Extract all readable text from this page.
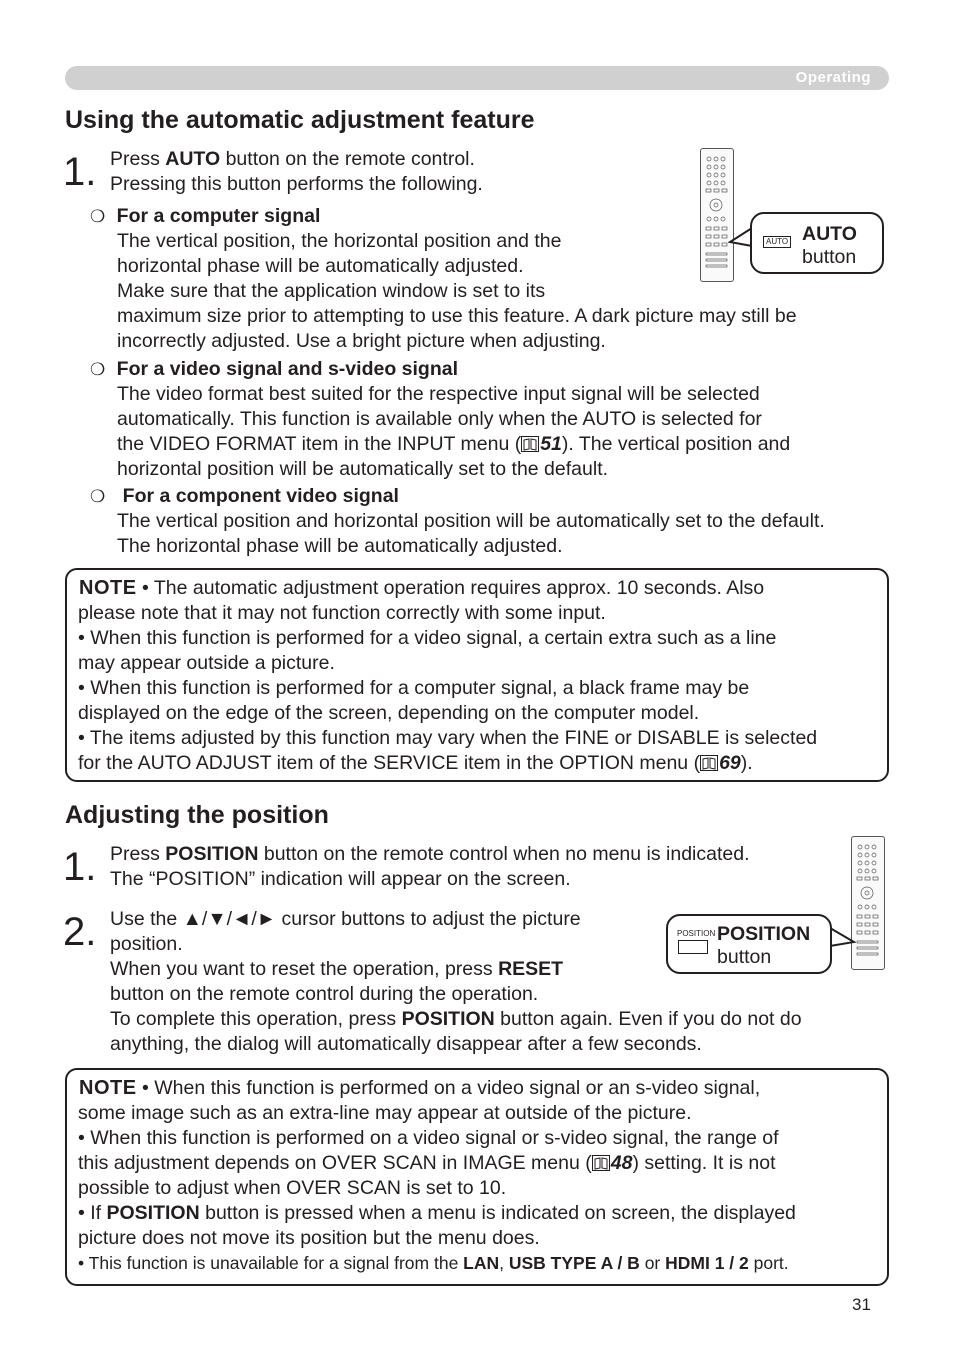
Operating
Using the automatic adjustment feature
1. Press AUTO button on the remote control.
Pressing this button performs the following.
❍ For a computer signal
The vertical position, the horizontal position and the
horizontal phase will be automatically adjusted.
Make sure that the application window is set to its
maximum size prior to attempting to use this feature. A dark picture may still be
incorrectly adjusted. Use a bright picture when adjusting.
❍ For a video signal and s-video signal
The video format best suited for the respective input signal will be selected
automatically. This function is available only when the AUTO is selected for
the VIDEO FORMAT item in the INPUT menu ( 51). The vertical position and
horizontal position will be automatically set to the default.
❍ For a component video signal
The vertical position and horizontal position will be automatically set to the default.
The horizontal phase will be automatically adjusted.
AUTO AUTO
button
NOTE • The automatic adjustment operation requires approx. 10 seconds. Also
please note that it may not function correctly with some input.
• When this function is performed for a video signal, a certain extra such as a line
may appear outside a picture.
• When this function is performed for a computer signal, a black frame may be
displayed on the edge of the screen, depending on the computer model.
• The items adjusted by this function may vary when the FINE or DISABLE is selected
for the AUTO ADJUST item of the SERVICE item in the OPTION menu ( 69).
Adjusting the position
1. Press POSITION button on the remote control when no menu is indicated.
The “POSITION” indication will appear on the screen.
2. Use the ▲/▼/◄/► cursor buttons to adjust the picture
position.
When you want to reset the operation, press RESET
button on the remote control during the operation.
To complete this operation, press POSITION button again. Even if you do not do
anything, the dialog will automatically disappear after a few seconds.
POSITION POSITION
button
NOTE • When this function is performed on a video signal or an s-video signal,
some image such as an extra-line may appear at outside of the picture.
• When this function is performed on a video signal or s-video signal, the range of
this adjustment depends on OVER SCAN in IMAGE menu ( 48) setting. It is not
possible to adjust when OVER SCAN is set to 10.
• If POSITION button is pressed when a menu is indicated on screen, the displayed
picture does not move its position but the menu does.
• This function is unavailable for a signal from the LAN, USB TYPE A / B or HDMI 1 / 2 port.
31
